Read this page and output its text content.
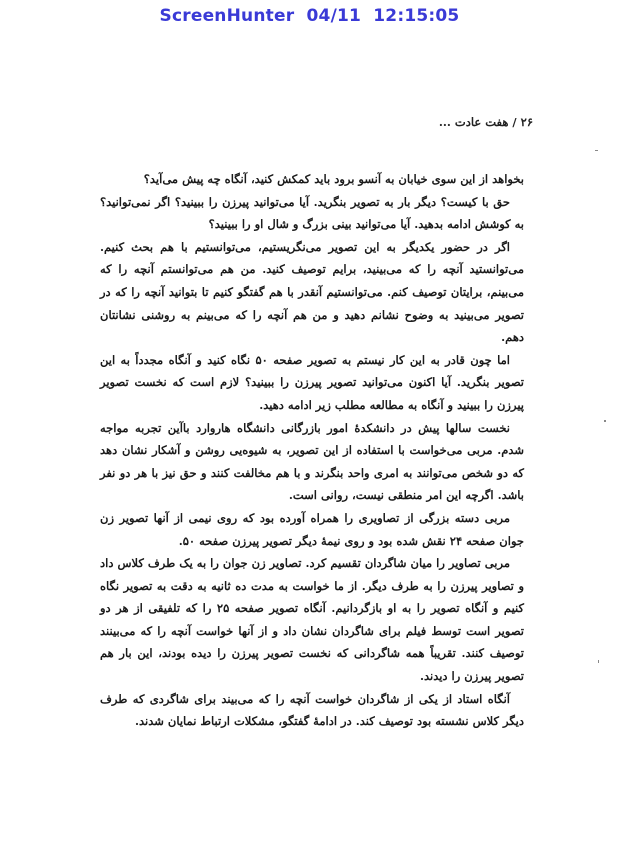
ScreenHunter  04/11  12:15:05
۲۶ / هفت عادت ...

بخواهد از این سوی خیابان به آنسو برود باید کمکش کنید، آنگاه چه پیش می‌آید؟

حق با کیست؟ دیگر بار به تصویر بنگرید. آیا می‌توانید پیرزن را ببینید؟ اگر نمی‌توانید؟ به کوشش ادامه بدهید. آیا می‌توانید بینی بزرگ و شال او را ببینید؟

اگر در حضور یکدیگر به این تصویر می‌نگریستیم، می‌توانستیم با هم بحث کنیم. می‌توانستید آنچه را که می‌بینید، برایم توصیف کنید. من هم می‌توانستم آنچه را که می‌بینم، برایتان توصیف کنم. می‌توانستیم آنقدر با هم گفتگو کنیم تا بتوانید آنچه را که در تصویر می‌بینید به وضوح نشانم دهید و من هم آنچه را که می‌بینم به روشنی نشانتان دهم.

اما چون قادر به این کار نیستم به تصویر صفحه ۵۰ نگاه کنید و آنگاه مجدداً به این تصویر بنگرید. آیا اکنون می‌توانید تصویر پیرزن را ببینید؟ لازم است که نخست تصویر پیرزن را ببینید و آنگاه به مطالعه مطلب زیر ادامه دهید.

نخست سالها پیش در دانشکدهٔ امور بازرگانی دانشگاه هاروارد باآین تجربه مواجه شدم. مربی می‌خواست با استفاده از این تصویر، به شیوه‌یی روشن و آشکار نشان دهد که دو شخص می‌توانند به امری واحد بنگرند و با هم مخالفت کنند و حق نیز با هر دو نفر باشد. اگرچه این امر منطقی نیست، روانی است.

مربی دسته بزرگی از تصاویری را همراه آورده بود که روی نیمی از آنها تصویر زن جوان صفحه ۲۴ نقش شده بود و روی نیمهٔ دیگر تصویر پیرزن صفحه ۵۰.

مربی تصاویر را میان شاگردان تقسیم کرد. تصاویر زن جوان را به یک طرف کلاس داد و تصاویر پیرزن را به طرف دیگر. از ما خواست به مدت ده ثانیه به دقت به تصویر نگاه کنیم و آنگاه تصویر را به او بازگردانیم. آنگاه تصویر صفحه ۲۵ را که تلفیقی از هر دو تصویر است توسط فیلم برای شاگردان نشان داد و از آنها خواست آنچه را که می‌بینند توصیف کنند. تقریباً همه شاگردانی که نخست تصویر پیرزن را دیده بودند، این بار هم تصویر پیرزن را دیدند.

آنگاه استاد از یکی از شاگردان خواست آنچه را که می‌بیند برای شاگردی که طرف دیگر کلاس نشسته بود توصیف کند. در ادامهٔ گفتگو، مشکلات ارتباط نمایان شدند.
